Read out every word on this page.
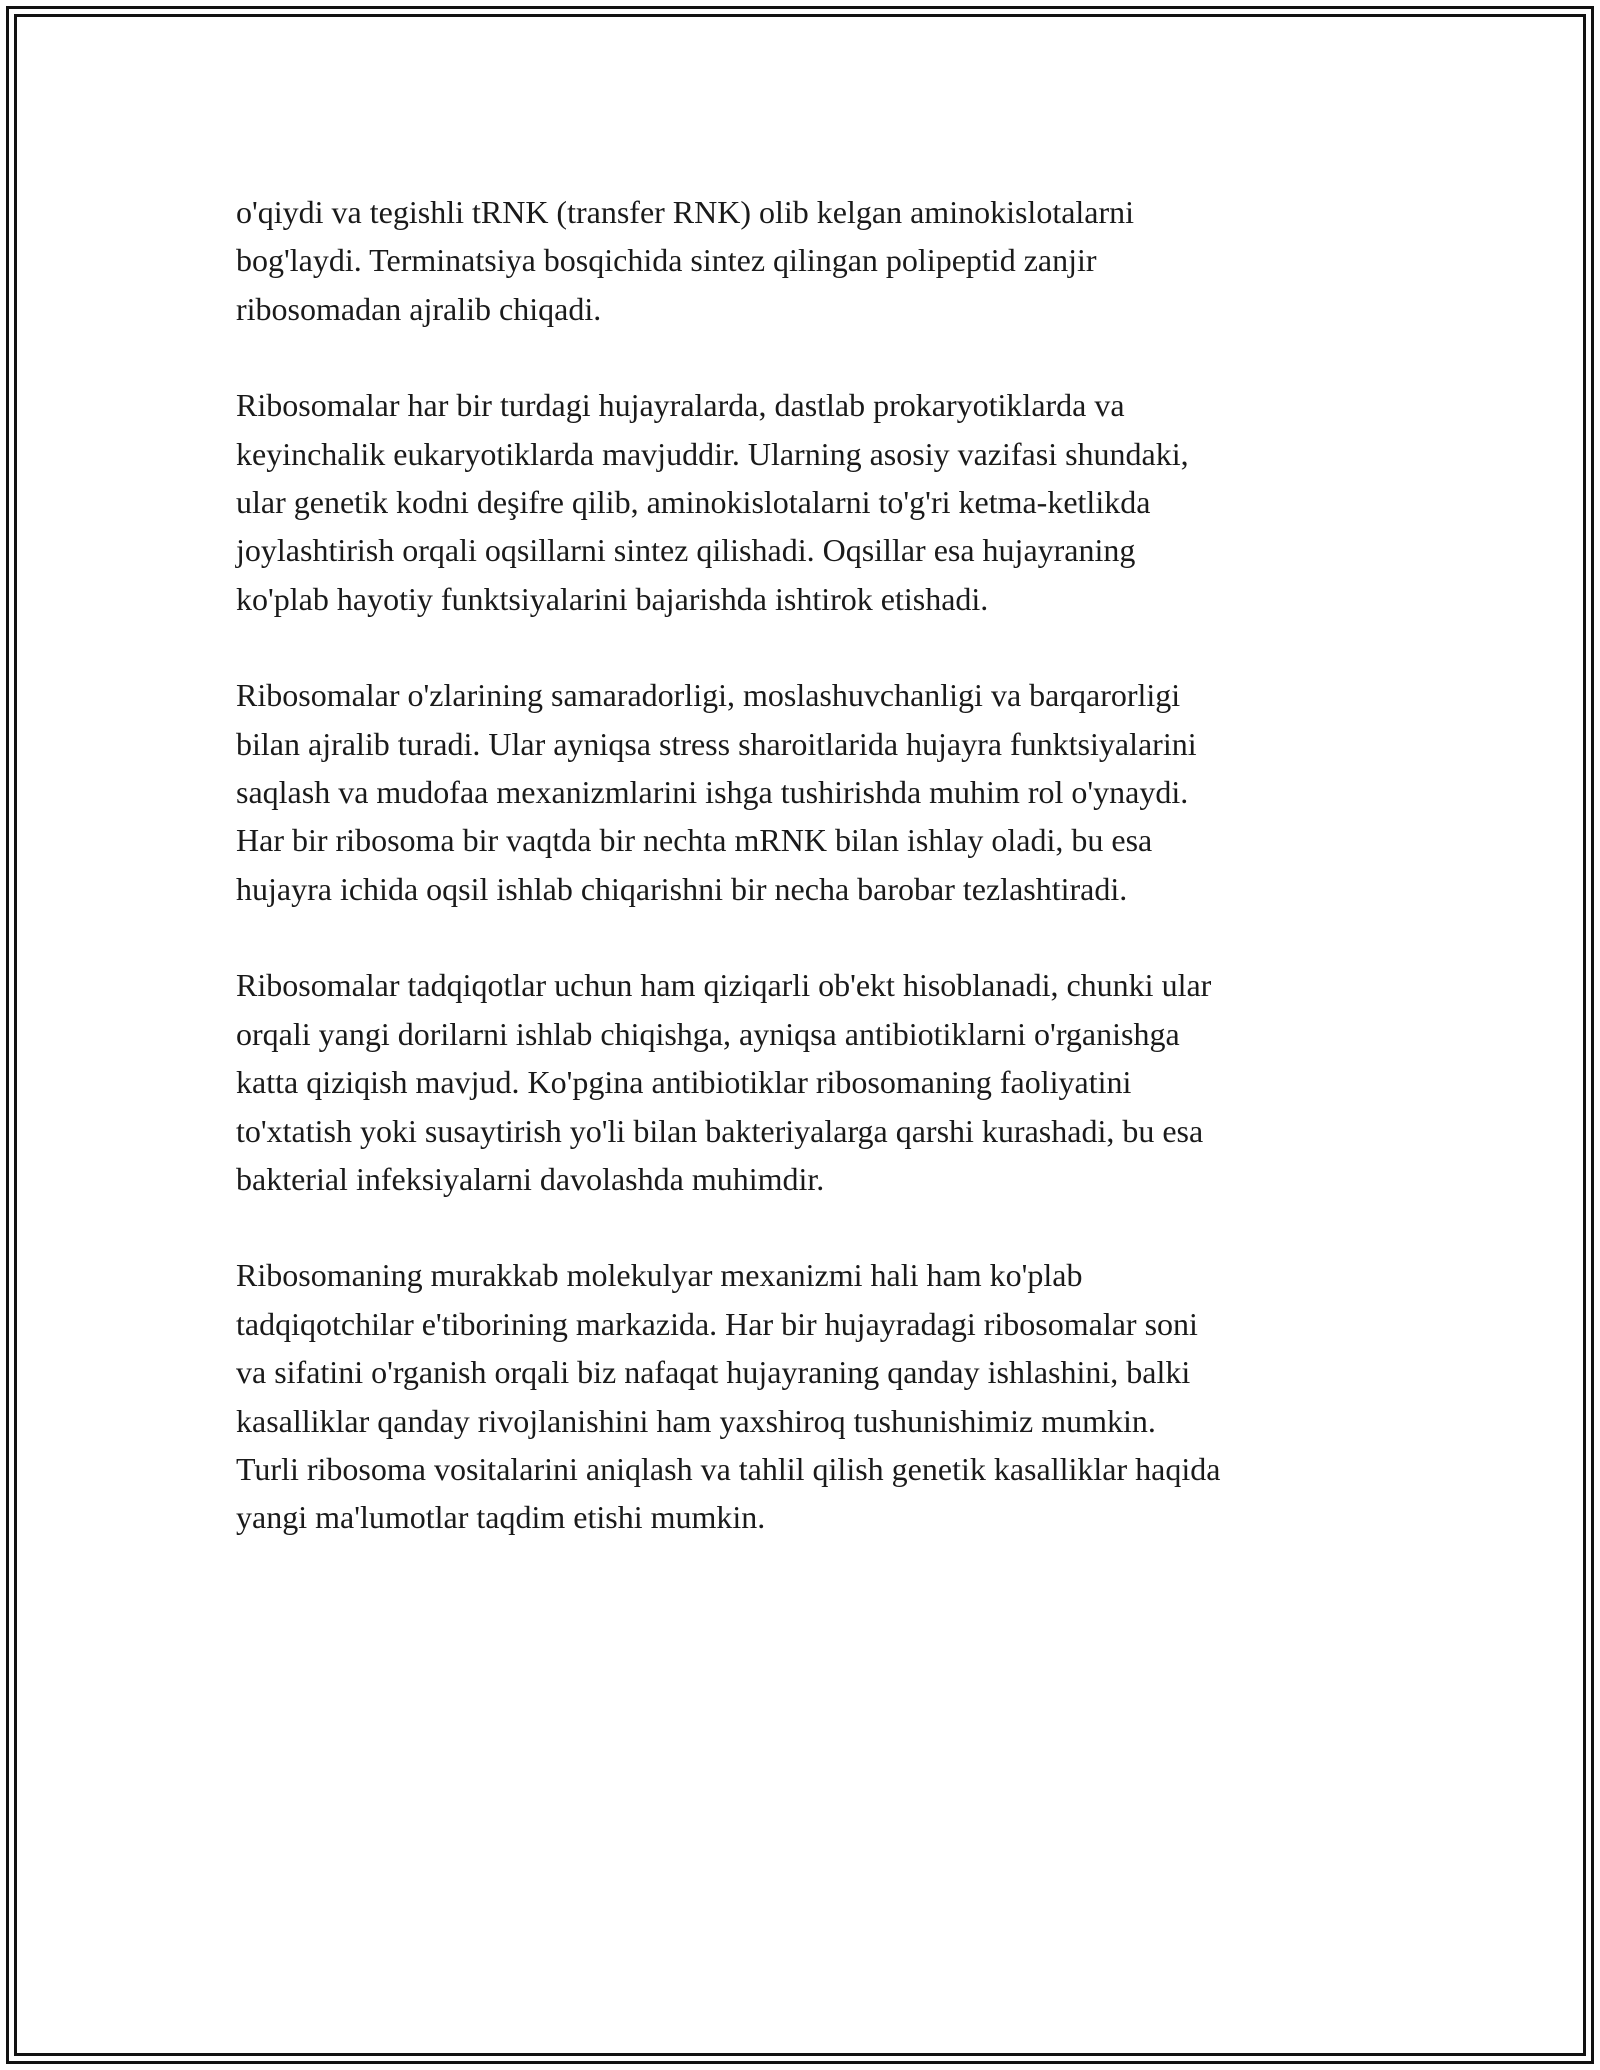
o'qiydi va tegishli tRNK (transfer RNK) olib kelgan aminokislotalarni
bog'laydi. Terminatsiya bosqichida sintez qilingan polipeptid zanjir
ribosomadan ajralib chiqadi.

Ribosomalar har bir turdagi hujayralarda, dastlab prokaryotiklarda va
keyinchalik eukaryotiklarda mavjuddir. Ularning asosiy vazifasi shundaki,
ular genetik kodni deşifre qilib, aminokislotalarni to'g'ri ketma-ketlikda
joylashtirish orqali oqsillarni sintez qilishadi. Oqsillar esa hujayraning
ko'plab hayotiy funktsiyalarini bajarishda ishtirok etishadi.

Ribosomalar o'zlarining samaradorligi, moslashuvchanligi va barqarorligi
bilan ajralib turadi. Ular ayniqsa stress sharoitlarida hujayra funktsiyalarini
saqlash va mudofaa mexanizmlarini ishga tushirishda muhim rol o'ynaydi.
Har bir ribosoma bir vaqtda bir nechta mRNK bilan ishlay oladi, bu esa
hujayra ichida oqsil ishlab chiqarishni bir necha barobar tezlashtiradi.

Ribosomalar tadqiqotlar uchun ham qiziqarli ob'ekt hisoblanadi, chunki ular
orqali yangi dorilarni ishlab chiqishga, ayniqsa antibiotiklarni o'rganishga
katta qiziqish mavjud. Ko'pgina antibiotiklar ribosomaning faoliyatini
to'xtatish yoki susaytirish yo'li bilan bakteriyalarga qarshi kurashadi, bu esa
bakterial infeksiyalarni davolashda muhimdir.

Ribosomaning murakkab molekulyar mexanizmi hali ham ko'plab
tadqiqotchilar e'tiborining markazida. Har bir hujayradagi ribosomalar soni
va sifatini o'rganish orqali biz nafaqat hujayraning qanday ishlashini, balki
kasalliklar qanday rivojlanishini ham yaxshiroq tushunishimiz mumkin.
Turli ribosoma vositalarini aniqlash va tahlil qilish genetik kasalliklar haqida
yangi ma'lumotlar taqdim etishi mumkin.
